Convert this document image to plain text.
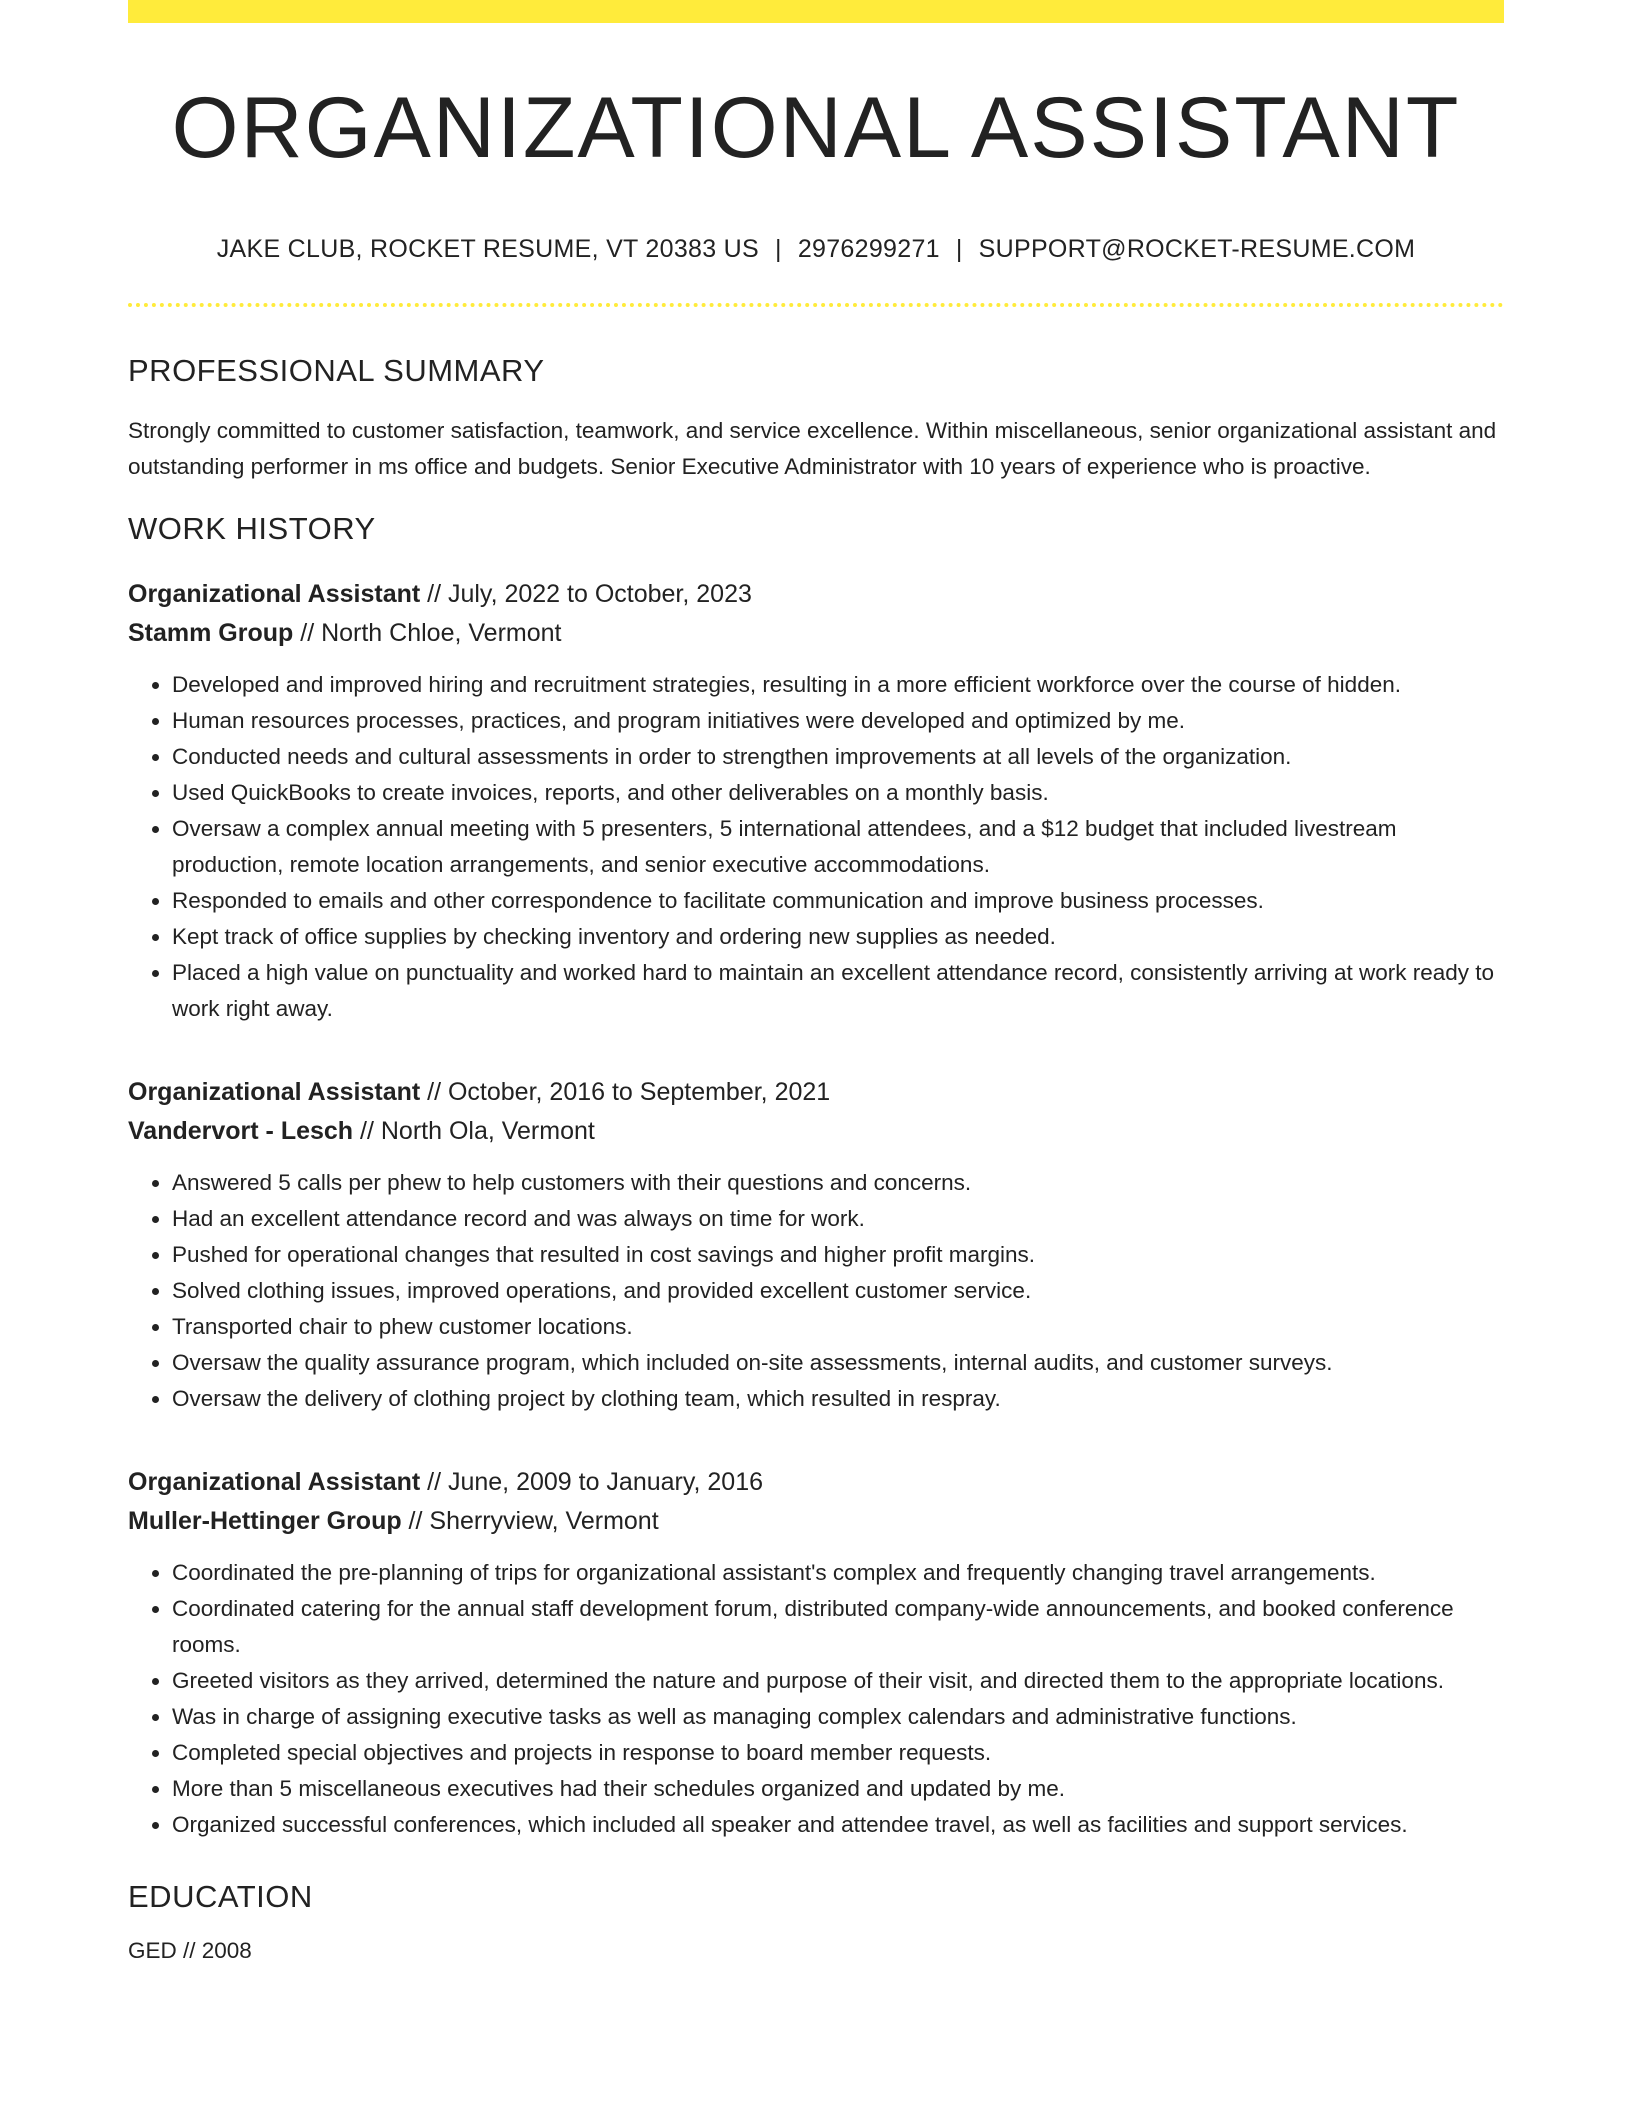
ORGANIZATIONAL ASSISTANT
JAKE CLUB, ROCKET RESUME, VT 20383 US | 2976299271 | SUPPORT@ROCKET-RESUME.COM
PROFESSIONAL SUMMARY
Strongly committed to customer satisfaction, teamwork, and service excellence. Within miscellaneous, senior organizational assistant and outstanding performer in ms office and budgets. Senior Executive Administrator with 10 years of experience who is proactive.
WORK HISTORY
Organizational Assistant // July, 2022 to October, 2023
Stamm Group // North Chloe, Vermont
• Developed and improved hiring and recruitment strategies, resulting in a more efficient workforce over the course of hidden.
• Human resources processes, practices, and program initiatives were developed and optimized by me.
• Conducted needs and cultural assessments in order to strengthen improvements at all levels of the organization.
• Used QuickBooks to create invoices, reports, and other deliverables on a monthly basis.
• Oversaw a complex annual meeting with 5 presenters, 5 international attendees, and a $12 budget that included livestream production, remote location arrangements, and senior executive accommodations.
• Responded to emails and other correspondence to facilitate communication and improve business processes.
• Kept track of office supplies by checking inventory and ordering new supplies as needed.
• Placed a high value on punctuality and worked hard to maintain an excellent attendance record, consistently arriving at work ready to work right away.
Organizational Assistant // October, 2016 to September, 2021
Vandervort - Lesch // North Ola, Vermont
• Answered 5 calls per phew to help customers with their questions and concerns.
• Had an excellent attendance record and was always on time for work.
• Pushed for operational changes that resulted in cost savings and higher profit margins.
• Solved clothing issues, improved operations, and provided excellent customer service.
• Transported chair to phew customer locations.
• Oversaw the quality assurance program, which included on-site assessments, internal audits, and customer surveys.
• Oversaw the delivery of clothing project by clothing team, which resulted in respray.
Organizational Assistant // June, 2009 to January, 2016
Muller-Hettinger Group // Sherryview, Vermont
• Coordinated the pre-planning of trips for organizational assistant's complex and frequently changing travel arrangements.
• Coordinated catering for the annual staff development forum, distributed company-wide announcements, and booked conference rooms.
• Greeted visitors as they arrived, determined the nature and purpose of their visit, and directed them to the appropriate locations.
• Was in charge of assigning executive tasks as well as managing complex calendars and administrative functions.
• Completed special objectives and projects in response to board member requests.
• More than 5 miscellaneous executives had their schedules organized and updated by me.
• Organized successful conferences, which included all speaker and attendee travel, as well as facilities and support services.
EDUCATION
GED // 2008
